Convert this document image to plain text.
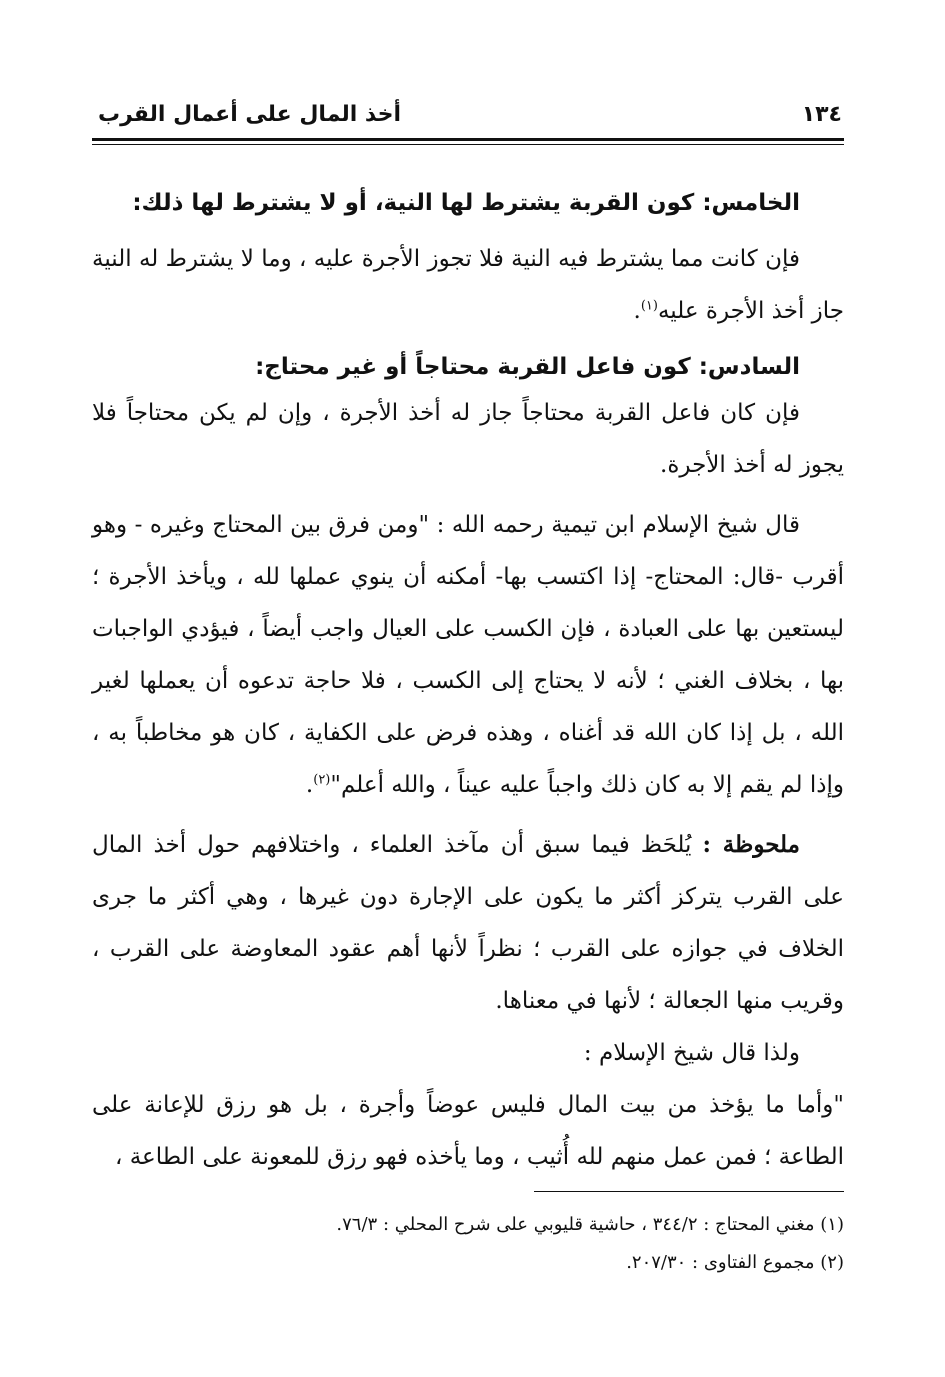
١٣٤
أخذ المال على أعمال القرب

الخامس: كون القربة يشترط لها النية، أو لا يشترط لها ذلك:

فإن كانت مما يشترط فيه النية فلا تجوز الأجرة عليه ، وما لا يشترط له النية جاز أخذ الأجرة عليه$^{(١)}$.

السادس: كون فاعل القربة محتاجاً أو غير محتاج:

فإن كان فاعل القربة محتاجاً جاز له أخذ الأجرة ، وإن لم يكن محتاجاً فلا يجوز له أخذ الأجرة.

قال شيخ الإسلام ابن تيمية رحمه الله : "ومن فرق بين المحتاج وغيره - وهو أقرب -قال: المحتاج- إذا اكتسب بها- أمكنه أن ينوي عملها لله ، ويأخذ الأجرة ؛ ليستعين بها على العبادة ، فإن الكسب على العيال واجب أيضاً ، فيؤدي الواجبات بها ، بخلاف الغني ؛ لأنه لا يحتاج إلى الكسب ، فلا حاجة تدعوه أن يعملها لغير الله ، بل إذا كان الله قد أغناه ، وهذه فرض على الكفاية ، كان هو مخاطباً به ، وإذا لم يقم إلا به كان ذلك واجباً عليه عيناً ، والله أعلم"$^{(٢)}$.

ملحوظة : يُلحَظ فيما سبق أن مآخذ العلماء ، واختلافهم حول أخذ المال على القرب يتركز أكثر ما يكون على الإجارة دون غيرها ، وهي أكثر ما جرى الخلاف في جوازه على القرب ؛ نظراً لأنها أهم عقود المعاوضة على القرب ، وقريب منها الجعالة ؛ لأنها في معناها.

ولذا قال شيخ الإسلام :

"وأما ما يؤخذ من بيت المال فليس عوضاً وأجرة ، بل هو رزق للإعانة على الطاعة ؛ فمن عمل منهم لله أُثيب ، وما يأخذه فهو رزق للمعونة على الطاعة ،

(١) مغني المحتاج : ٣٤٤/٢ ، حاشية قليوبي على شرح المحلي : ٧٦/٣.

(٢) مجموع الفتاوى : ٢٠٧/٣٠.
